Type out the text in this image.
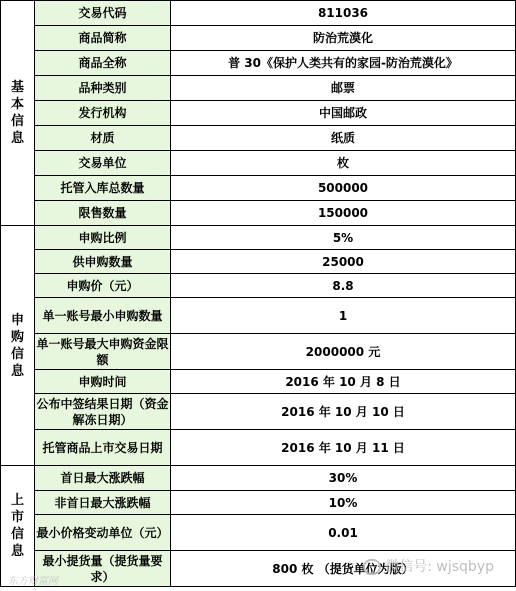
基本信息	交易代码	811036
	商品简称	防治荒漠化
	商品全称	普 30《保护人类共有的家园-防治荒漠化》
	品种类别	邮票
	发行机构	中国邮政
	材质	纸质
	交易单位	枚
	托管入库总数量	500000
	限售数量	150000
申购信息	申购比例	5%
	供申购数量	25000
	申购价（元）	8.8
	单一账号最小申购数量	1
	单一账号最大申购资金限额	2000000 元
	申购时间	2016 年 10 月 8 日
	公布中签结果日期（资金解冻日期）	2016 年 10 月 10 日
	托管商品上市交易日期	2016 年 10 月 11 日
上市信息	首日最大涨跌幅	30%
	非首日最大涨跌幅	10%
	最小价格变动单位（元）	0.01
	最小提货量（提货量要求）	800 枚 （提货单位为版）
微信号: wjsqbyp
东方财富网
